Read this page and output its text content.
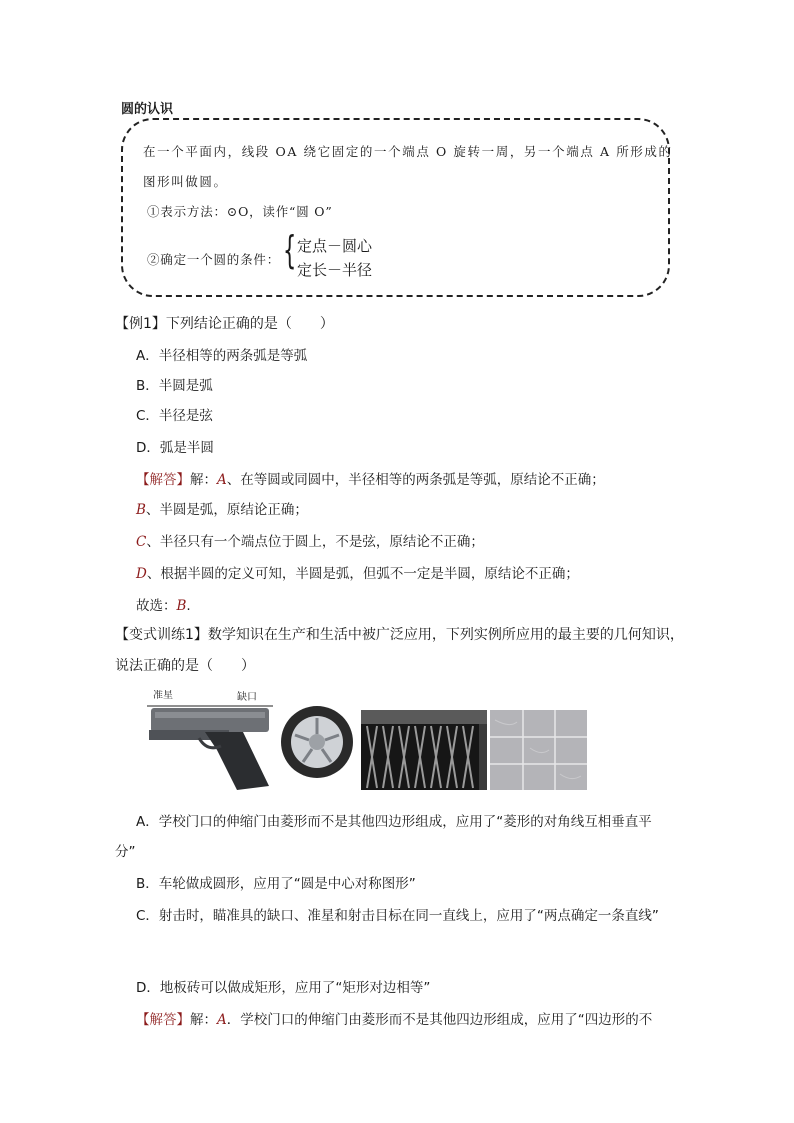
圆的认识
在一个平面内，线段 OA 绕它固定的一个端点 O 旋转一周，另一个端点 A 所形成的
图形叫做圆。
①表示方法：⊙O，读作“圆 O”
②确定一个圆的条件： { 定点－圆心
定长－半径
【例1】下列结论正确的是（　　）
A．半径相等的两条弧是等弧
B．半圆是弧
C．半径是弦
D．弧是半圆
【解答】解：A、在等圆或同圆中，半径相等的两条弧是等弧，原结论不正确；
B、半圆是弧，原结论正确；
C、半径只有一个端点位于圆上，不是弦，原结论不正确；
D、根据半圆的定义可知，半圆是弧，但弧不一定是半圆，原结论不正确；
故选：B.
【变式训练1】数学知识在生产和生活中被广泛应用，下列实例所应用的最主要的几何知识，
说法正确的是（　　）
准星	缺口
A．学校门口的伸缩门由菱形而不是其他四边形组成，应用了“菱形的对角线互相垂直平
分”
B．车轮做成圆形，应用了“圆是中心对称图形”
C．射击时，瞄准具的缺口、准星和射击目标在同一直线上，应用了“两点确定一条直线”
D．地板砖可以做成矩形，应用了“矩形对边相等”
【解答】解：A．学校门口的伸缩门由菱形而不是其他四边形组成，应用了“四边形的不
